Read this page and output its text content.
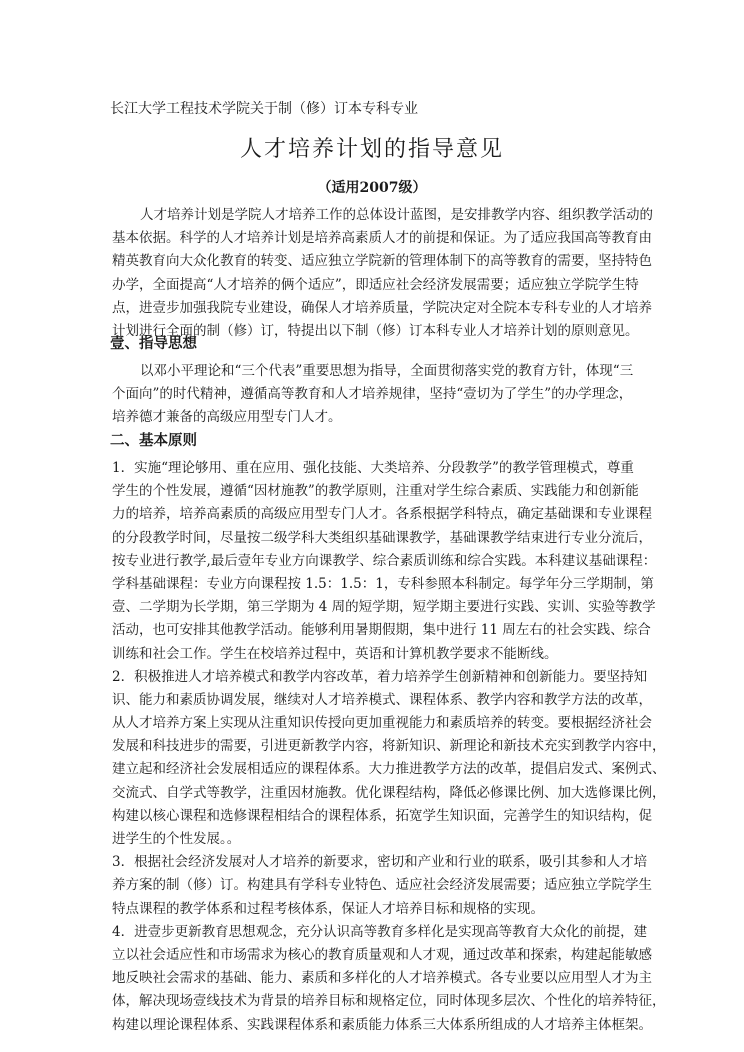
长江大学工程技术学院关于制（修）订本专科专业
人才培养计划的指导意见
（适用2007级）
人才培养计划是学院人才培养工作的总体设计蓝图，是安排教学内容、组织教学活动的
基本依据。科学的人才培养计划是培养高素质人才的前提和保证。为了适应我国高等教育由
精英教育向大众化教育的转变、适应独立学院新的管理体制下的高等教育的需要，坚持特色
办学，全面提高“人才培养的俩个适应”，即适应社会经济发展需要；适应独立学院学生特
点，进壹步加强我院专业建设，确保人才培养质量，学院决定对全院本专科专业的人才培养
计划进行全面的制（修）订，特提出以下制（修）订本科专业人才培养计划的原则意见。
壹、指导思想
以邓小平理论和“三个代表”重要思想为指导，全面贯彻落实党的教育方针，体现“三
个面向”的时代精神，遵循高等教育和人才培养规律，坚持“壹切为了学生”的办学理念，
培养德才兼备的高级应用型专门人才。
二、基本原则
1．实施“理论够用、重在应用、强化技能、大类培养、分段教学”的教学管理模式，尊重
学生的个性发展，遵循“因材施教”的教学原则，注重对学生综合素质、实践能力和创新能
力的培养，培养高素质的高级应用型专门人才。各系根据学科特点，确定基础课和专业课程
的分段教学时间，尽量按二级学科大类组织基础课教学，基础课教学结束进行专业分流后，
按专业进行教学,最后壹年专业方向课教学、综合素质训练和综合实践。本科建议基础课程：
学科基础课程：专业方向课程按 1.5：1.5：1，专科参照本科制定。每学年分三学期制，第
壹、二学期为长学期，第三学期为 4 周的短学期，短学期主要进行实践、实训、实验等教学
活动，也可安排其他教学活动。能够利用暑期假期，集中进行 11 周左右的社会实践、综合
训练和社会工作。学生在校培养过程中，英语和计算机教学要求不能断线。
2．积极推进人才培养模式和教学内容改革，着力培养学生创新精神和创新能力。要坚持知
识、能力和素质协调发展，继续对人才培养模式、课程体系、教学内容和教学方法的改革，
从人才培养方案上实现从注重知识传授向更加重视能力和素质培养的转变。要根据经济社会
发展和科技进步的需要，引进更新教学内容，将新知识、新理论和新技术充实到教学内容中，
建立起和经济社会发展相适应的课程体系。大力推进教学方法的改革，提倡启发式、案例式、
交流式、自学式等教学，注重因材施教。优化课程结构，降低必修课比例、加大选修课比例，
构建以核心课程和选修课程相结合的课程体系，拓宽学生知识面，完善学生的知识结构，促
进学生的个性发展。。
3．根据社会经济发展对人才培养的新要求，密切和产业和行业的联系，吸引其参和人才培
养方案的制（修）订。构建具有学科专业特色、适应社会经济发展需要；适应独立学院学生
特点课程的教学体系和过程考核体系，保证人才培养目标和规格的实现。
4．进壹步更新教育思想观念，充分认识高等教育多样化是实现高等教育大众化的前提，建
立以社会适应性和市场需求为核心的教育质量观和人才观，通过改革和探索，构建起能敏感
地反映社会需求的基础、能力、素质和多样化的人才培养模式。各专业要以应用型人才为主
体，解决现场壹线技术为背景的培养目标和规格定位，同时体现多层次、个性化的培养特征，
构建以理论课程体系、实践课程体系和素质能力体系三大体系所组成的人才培养主体框架。
